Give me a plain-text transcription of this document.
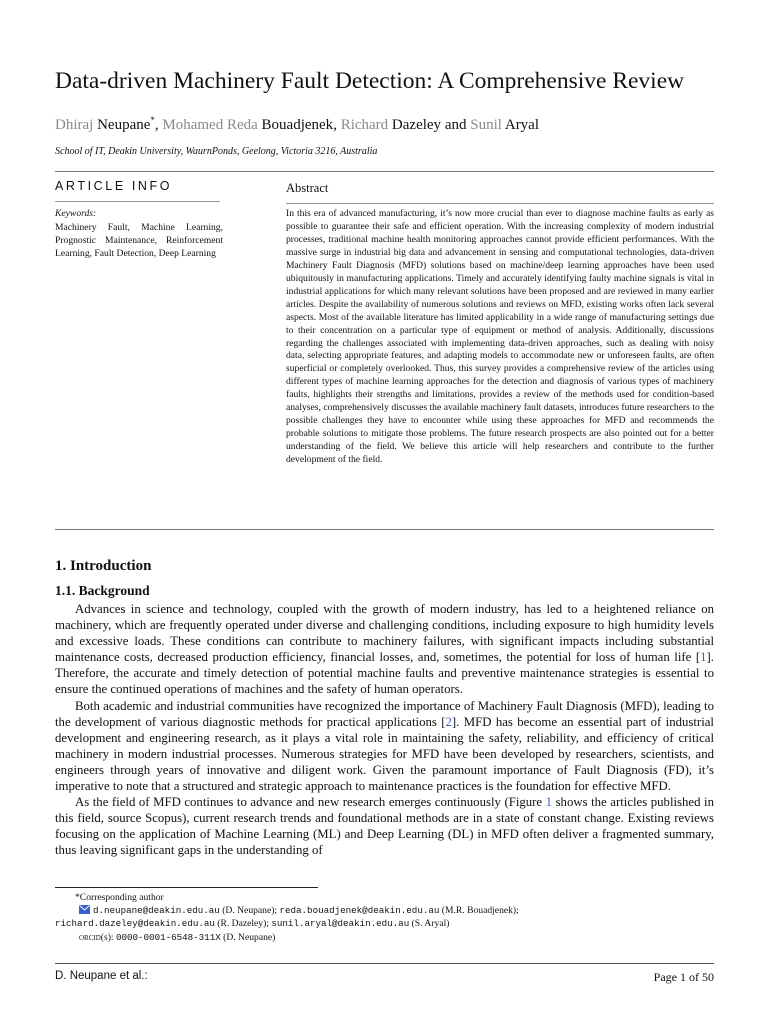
Data-driven Machinery Fault Detection: A Comprehensive Review
Dhiraj Neupane*, Mohamed Reda Bouadjenek, Richard Dazeley and Sunil Aryal
School of IT, Deakin University, WaurnPonds, Geelong, Victoria 3216, Australia
ARTICLE INFO
Keywords:
Machinery Fault, Machine Learning, Prognostic Maintenance, Reinforcement Learning, Fault Detection, Deep Learning
Abstract
In this era of advanced manufacturing, it’s now more crucial than ever to diagnose machine faults as early as possible to guarantee their safe and efficient operation. With the increasing complexity of modern industrial processes, traditional machine health monitoring approaches cannot provide efficient performances. With the massive surge in industrial big data and advancement in sensing and computational technologies, data-driven Machinery Fault Diagnosis (MFD) solutions based on machine/deep learning approaches have been used ubiquitously in manufacturing applications. Timely and accurately identifying faulty machine signals is vital in industrial applications for which many relevant solutions have been proposed and are reviewed in many earlier articles. Despite the availability of numerous solutions and reviews on MFD, existing works often lack several aspects. Most of the available literature has limited applicability in a wide range of manufacturing settings due to their concentration on a particular type of equipment or method of analysis. Additionally, discussions regarding the challenges associated with implementing data-driven approaches, such as dealing with noisy data, selecting appropriate features, and adapting models to accommodate new or unforeseen faults, are often superficial or completely overlooked. Thus, this survey provides a comprehensive review of the articles using different types of machine learning approaches for the detection and diagnosis of various types of machinery faults, highlights their strengths and limitations, provides a review of the methods used for condition-based analyses, comprehensively discusses the available machinery fault datasets, introduces future researchers to the possible challenges they have to encounter while using these approaches for MFD and recommends the probable solutions to mitigate those problems. The future research prospects are also pointed out for a better understanding of the field. We believe this article will help researchers and contribute to the further development of the field.
1. Introduction
1.1. Background

Advances in science and technology, coupled with the growth of modern industry, has led to a heightened reliance on machinery, which are frequently operated under diverse and challenging conditions, including exposure to high humidity levels and excessive loads. These conditions can contribute to machinery failures, with significant impacts including substantial maintenance costs, decreased production efficiency, financial losses, and, sometimes, the potential for loss of human life [1]. Therefore, the accurate and timely detection of potential machine faults and preventive maintenance strategies is essential to ensure the continued operations of machines and the safety of human operators.

Both academic and industrial communities have recognized the importance of Machinery Fault Diagnosis (MFD), leading to the development of various diagnostic methods for practical applications [2]. MFD has become an essential part of industrial development and engineering research, as it plays a vital role in maintaining the safety, reliability, and efficiency of critical machinery in modern industrial processes. Numerous strategies for MFD have been developed by researchers, scientists, and engineers through years of innovative and diligent work. Given the paramount importance of Fault Diagnosis (FD), it’s imperative to note that a structured and strategic approach to maintenance practices is the foundation for effective MFD.

As the field of MFD continues to advance and new research emerges continuously (Figure 1 shows the articles published in this field, source Scopus), current research trends and foundational methods are in a state of constant change. Existing reviews focusing on the application of Machine Learning (ML) and Deep Learning (DL) in MFD often deliver a fragmented summary, thus leaving significant gaps in the understanding of

*Corresponding author
d.neupane@deakin.edu.au (D. Neupane); reda.bouadjenek@deakin.edu.au (M.R. Bouadjenek);
richard.dazeley@deakin.edu.au (R. Dazeley); sunil.aryal@deakin.edu.au (S. Aryal)
orcid(s): 0000-0001-6548-311X (D. Neupane)
D. Neupane et al.:	Page 1 of 50
